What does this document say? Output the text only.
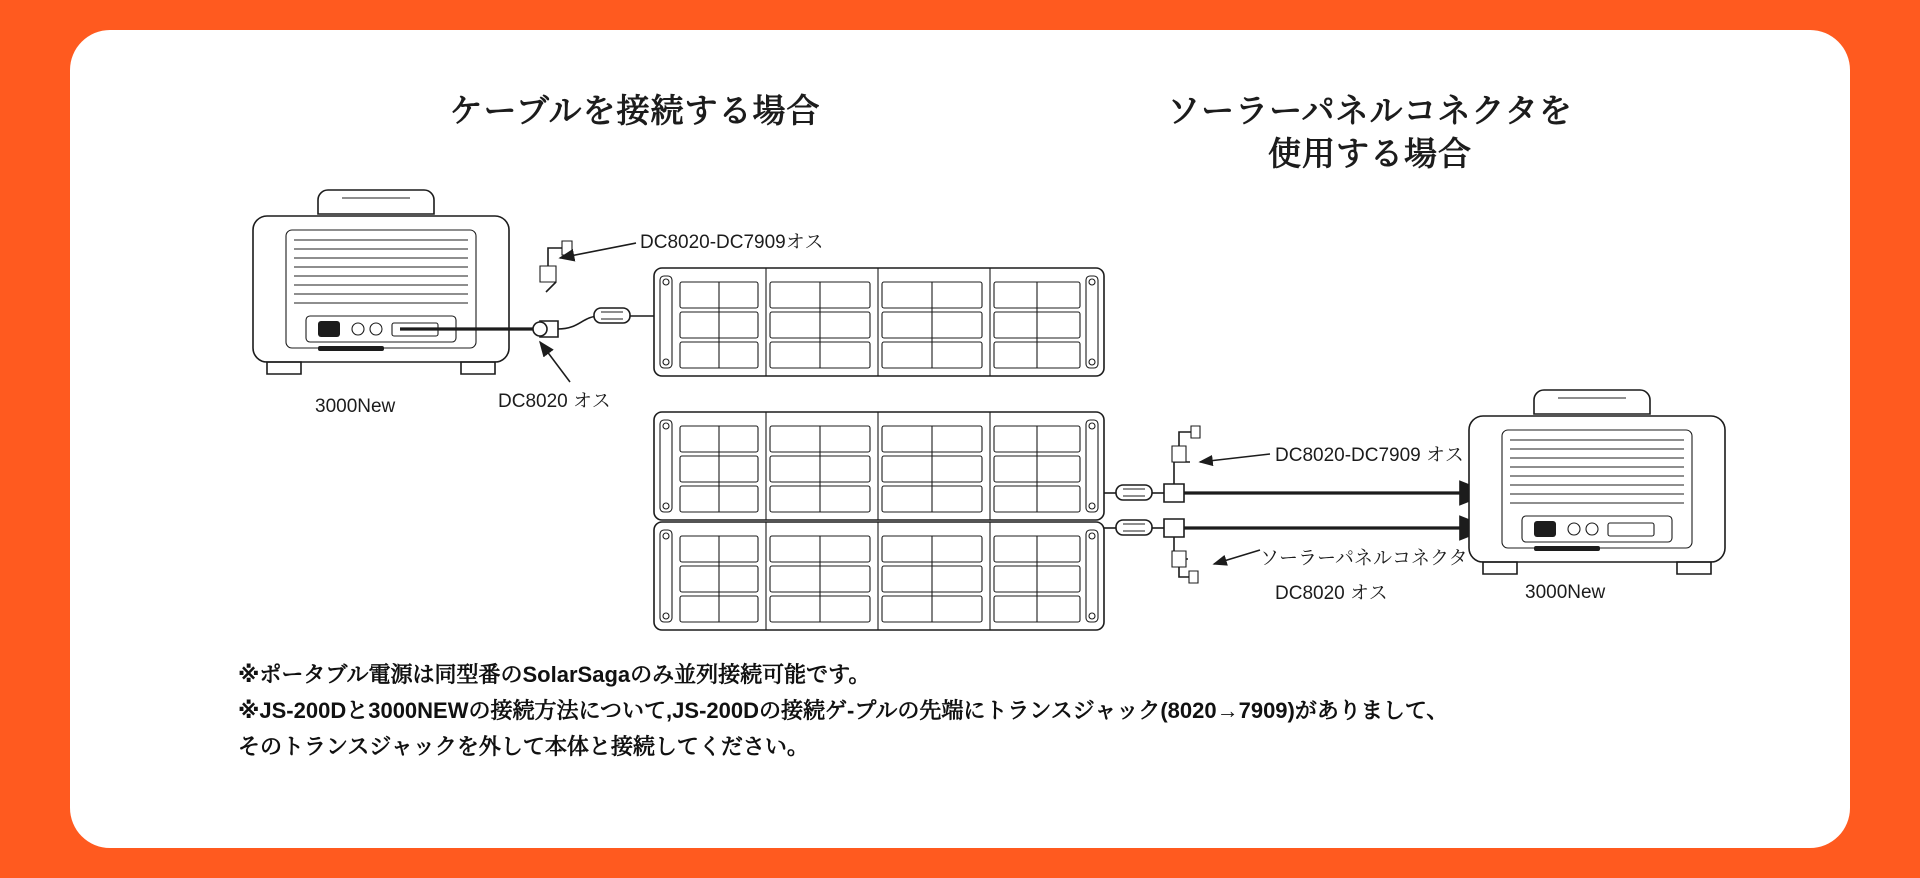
ケーブルを接続する場合	ソーラーパネルコネクタを
使用する場合
3000New
DC8020-DC7909オス
DC8020 オス
DC8020-DC7909 オス
ソーラーパネルコネクタ
DC8020 オス	3000New
※ポータブル電源は同型番のSolarSagaのみ並列接続可能です。
※JS-200Dと3000NEWの接続方法について,JS-200Dの接続ゲ-プルの先端にトランスジャック(8020→7909)がありまして、
そのトランスジャックを外して本体と接続してください。
